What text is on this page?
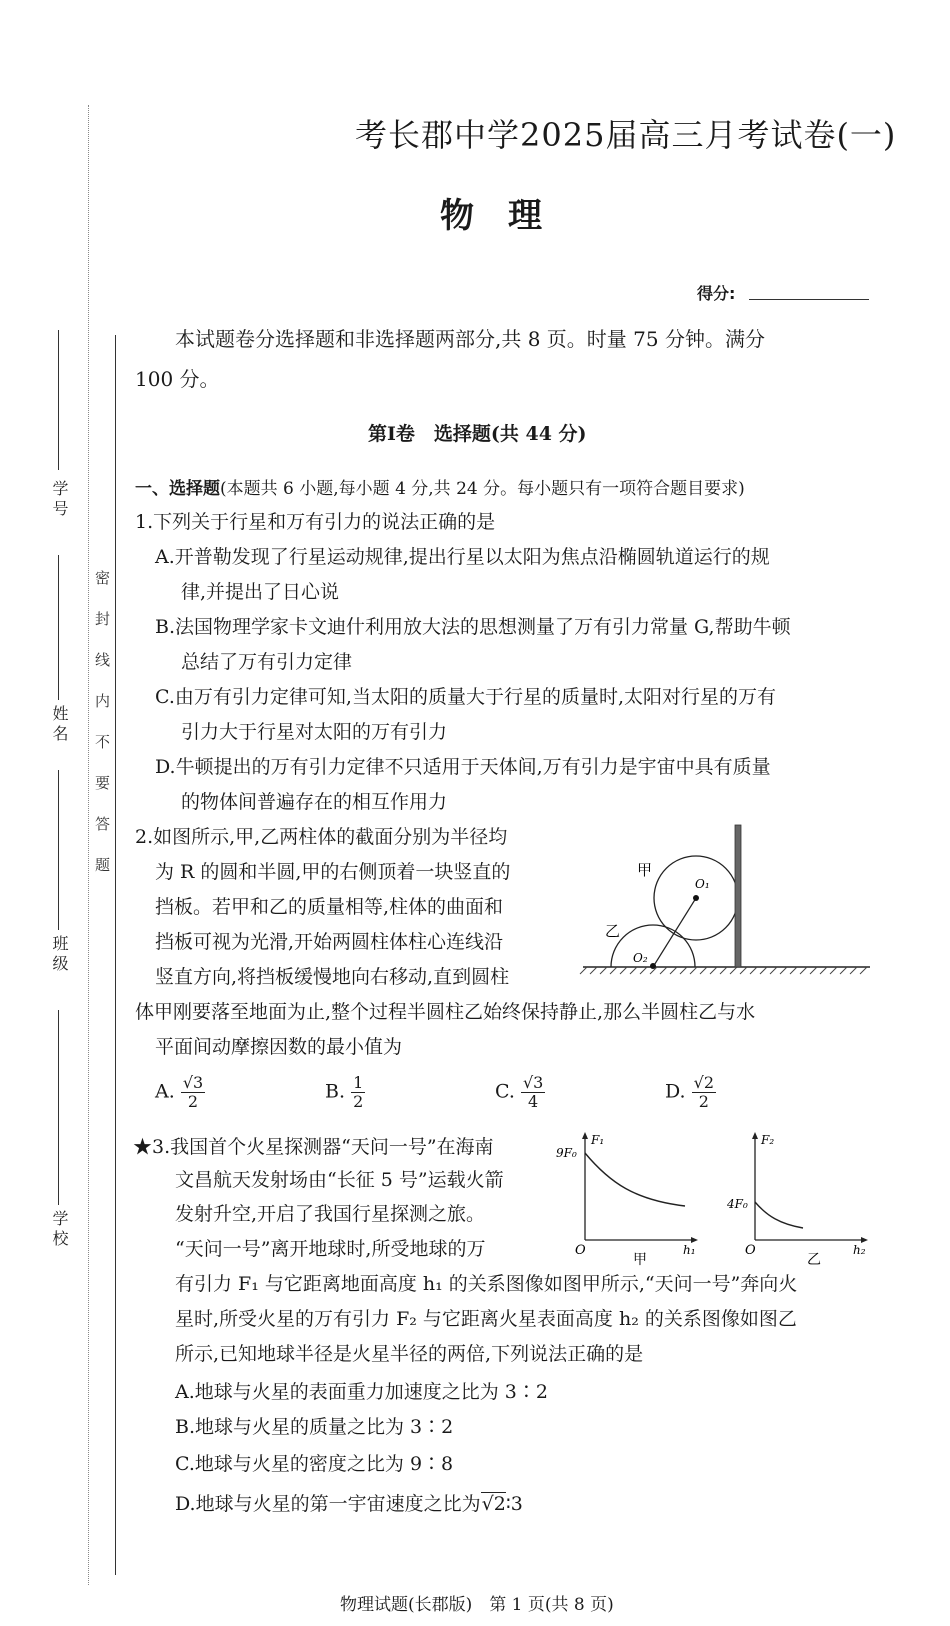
学号
姓名
班级
学校
密封线内不要答题
考长郡中学2025届高三月考试卷(一)
物　理
得分:
本试题卷分选择题和非选择题两部分,共 8 页。时量 75 分钟。满分
100 分。
第Ⅰ卷　选择题(共 44 分)
一、选择题(本题共 6 小题,每小题 4 分,共 24 分。每小题只有一项符合题目要求)
1.下列关于行星和万有引力的说法正确的是
A.开普勒发现了行星运动规律,提出行星以太阳为焦点沿椭圆轨道运行的规
律,并提出了日心说
B.法国物理学家卡文迪什利用放大法的思想测量了万有引力常量 G,帮助牛顿
总结了万有引力定律
C.由万有引力定律可知,当太阳的质量大于行星的质量时,太阳对行星的万有
引力大于行星对太阳的万有引力
D.牛顿提出的万有引力定律不只适用于天体间,万有引力是宇宙中具有质量
的物体间普遍存在的相互作用力
2.如图所示,甲,乙两柱体的截面分别为半径均
为 R 的圆和半圆,甲的右侧顶着一块竖直的
挡板。若甲和乙的质量相等,柱体的曲面和
挡板可视为光滑,开始两圆柱体柱心连线沿
竖直方向,将挡板缓慢地向右移动,直到圆柱
体甲刚要落至地面为止,整个过程半圆柱乙始终保持静止,那么半圆柱乙与水
平面间动摩擦因数的最小值为
甲
乙
O₁
O₂
A. $\frac{√3}{2}$	B. $\frac{1}{2}$	C. $\frac{√3}{4}$	D. $\frac{√2}{2}$
★3.我国首个火星探测器“天问一号”在海南
文昌航天发射场由“长征 5 号”运载火箭
发射升空,开启了我国行星探测之旅。
“天问一号”离开地球时,所受地球的万
有引力 F₁ 与它距离地面高度 h₁ 的关系图像如图甲所示,“天问一号”奔向火
星时,所受火星的万有引力 F₂ 与它距离火星表面高度 h₂ 的关系图像如图乙
所示,已知地球半径是火星半径的两倍,下列说法正确的是
F₁
9F₀
O	h₁
甲
F₂
4F₀
O	h₂
乙
A.地球与火星的表面重力加速度之比为 3∶2
B.地球与火星的质量之比为 3∶2
C.地球与火星的密度之比为 9∶8
D.地球与火星的第一宇宙速度之比为√2∶3
物理试题(长郡版)　第 1 页(共 8 页)
